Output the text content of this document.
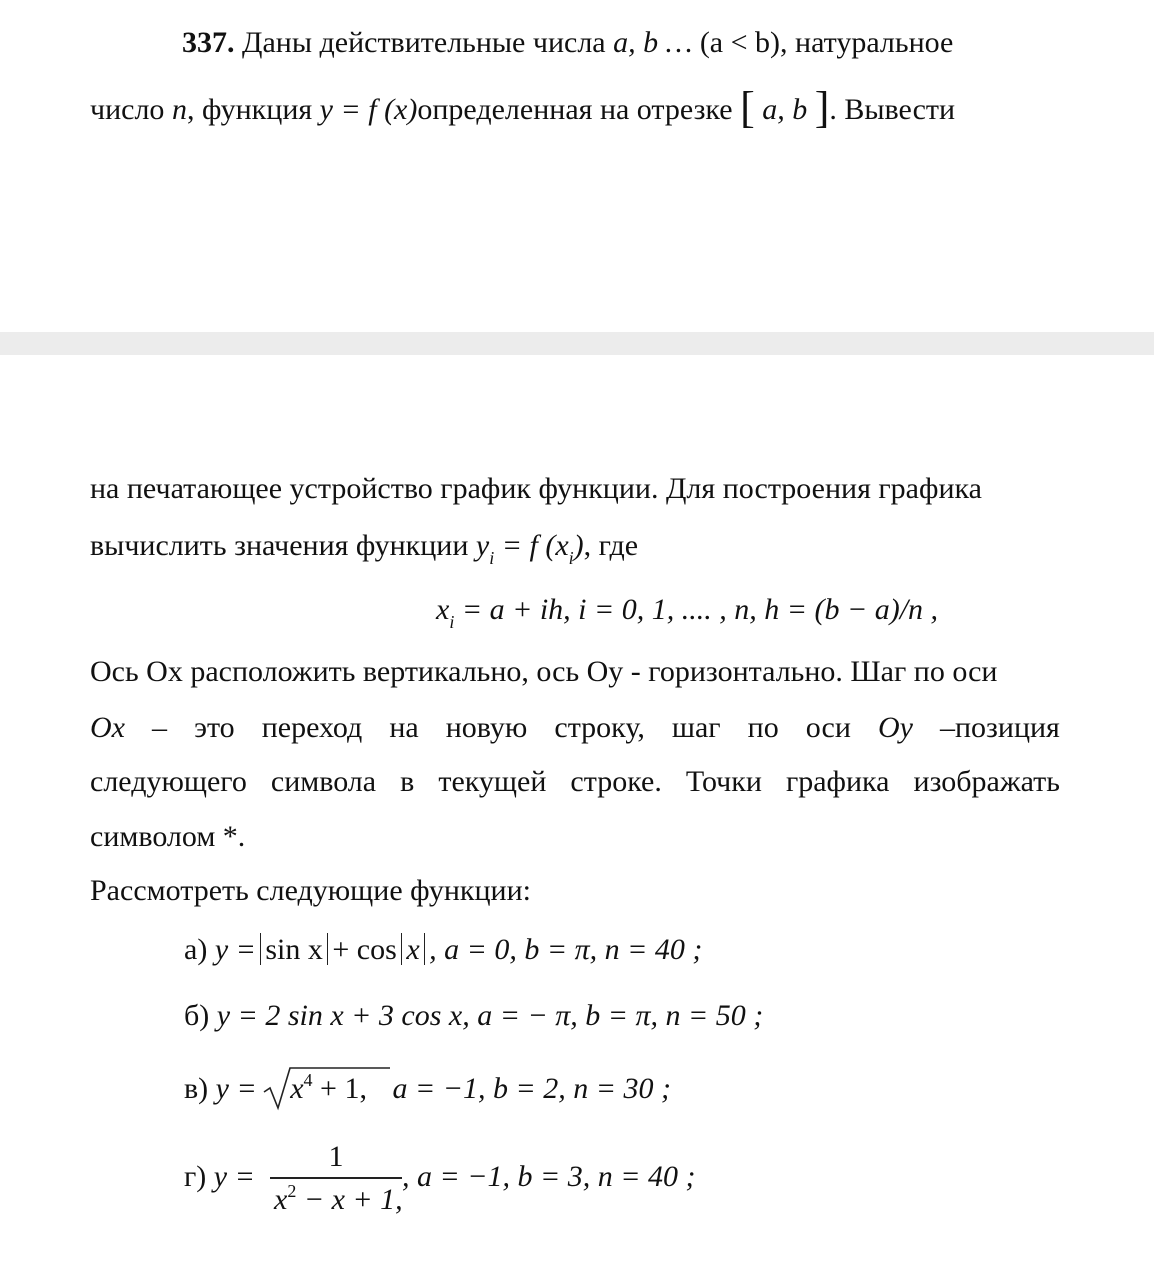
337. Даны действительные числа a, b … (a < b), натуральное
число n, функция y = f (x)определенная на отрезке [ a, b ]. Вывести
на печатающее устройство график функции. Для построения графика
вычислить значения функции $y_i = f$ $(x_i)$, где
$x_i = a$ + ih, i = 0, 1, .... , n, h = (b − a)/n ,
Ось Ox расположить вертикально, ось Oy - горизонтально. Шаг по оси
Ox – это переход на новую строку, шаг по оси Oy –позиция
следующего символа в текущей строке. Точки графика изображать
символом *.
Рассмотреть следующие функции:
а) y = sin x + cos x , a = 0, b = π, n = 40 ;
б) y = 2 sin x + 3 cos x, a = − π, b = π, n = 50 ;
в) $y = x^4 + 1$, a = −1, b = 2, n = 30 ;
г) y =
1
$x^2 - x + 1$,
, a = −1, b = 3, n = 40 ;
